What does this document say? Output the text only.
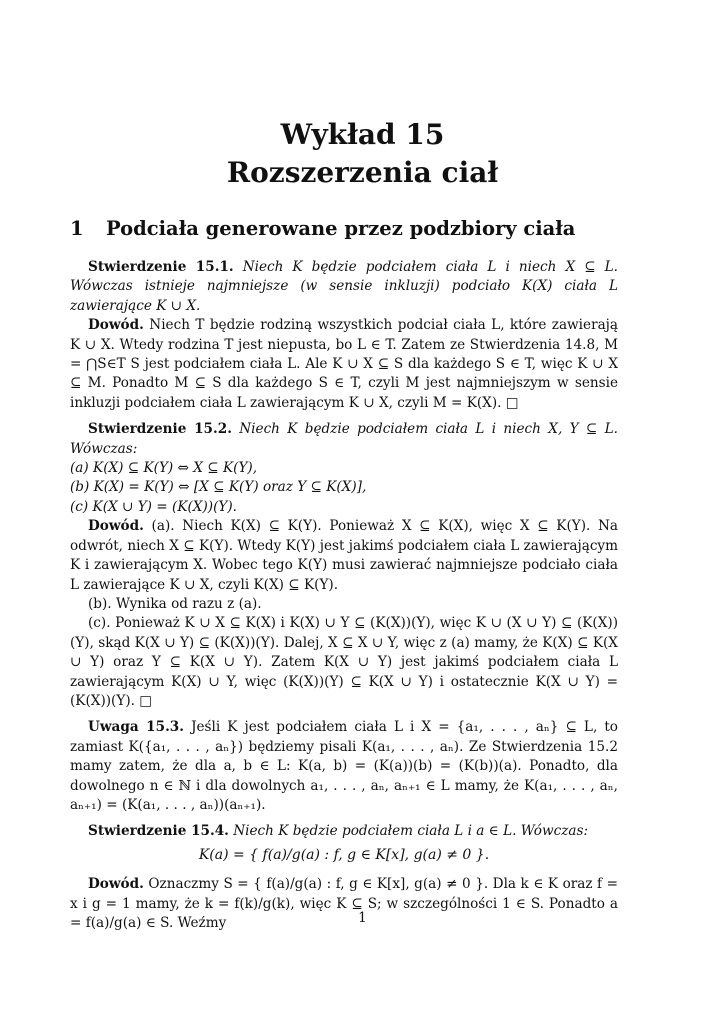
Wykład 15
Rozszerzenia ciał
1 Podciała generowane przez podzbiory ciała

Stwierdzenie 15.1. Niech K będzie podciałem ciała L i niech X ⊆ L. Wówczas istnieje najmniejsze (w sensie inkluzji) podciało K(X) ciała L zawierające K ∪ X.

Dowód. Niech T będzie rodziną wszystkich podciał ciała L, które zawierają K ∪ X. Wtedy rodzina T jest niepusta, bo L ∈ T. Zatem ze Stwierdzenia 14.8, M = ⋂S∈T S jest podciałem ciała L. Ale K ∪ X ⊆ S dla każdego S ∈ T, więc K ∪ X ⊆ M. Ponadto M ⊆ S dla każdego S ∈ T, czyli M jest najmniejszym w sensie inkluzji podciałem ciała L zawierającym K ∪ X, czyli M = K(X). □

Stwierdzenie 15.2. Niech K będzie podciałem ciała L i niech X, Y ⊆ L. Wówczas:

(a) K(X) ⊆ K(Y) ⇔ X ⊆ K(Y),

(b) K(X) = K(Y) ⇔ [X ⊆ K(Y) oraz Y ⊆ K(X)],

(c) K(X ∪ Y) = (K(X))(Y).

Dowód. (a). Niech K(X) ⊆ K(Y). Ponieważ X ⊆ K(X), więc X ⊆ K(Y). Na odwrót, niech X ⊆ K(Y). Wtedy K(Y) jest jakimś podciałem ciała L zawierającym K i zawierającym X. Wobec tego K(Y) musi zawierać najmniejsze podciało ciała L zawierające K ∪ X, czyli K(X) ⊆ K(Y).

(b). Wynika od razu z (a).

(c). Ponieważ K ∪ X ⊆ K(X) i K(X) ∪ Y ⊆ (K(X))(Y), więc K ∪ (X ∪ Y) ⊆ (K(X))(Y), skąd K(X ∪ Y) ⊆ (K(X))(Y). Dalej, X ⊆ X ∪ Y, więc z (a) mamy, że K(X) ⊆ K(X ∪ Y) oraz Y ⊆ K(X ∪ Y). Zatem K(X ∪ Y) jest jakimś podciałem ciała L zawierającym K(X) ∪ Y, więc (K(X))(Y) ⊆ K(X ∪ Y) i ostatecznie K(X ∪ Y) = (K(X))(Y). □

Uwaga 15.3. Jeśli K jest podciałem ciała L i X = {a₁, . . . , aₙ} ⊆ L, to zamiast K({a₁, . . . , aₙ}) będziemy pisali K(a₁, . . . , aₙ). Ze Stwierdzenia 15.2 mamy zatem, że dla a, b ∈ L: K(a, b) = (K(a))(b) = (K(b))(a). Ponadto, dla dowolnego n ∈ ℕ i dla dowolnych a₁, . . . , aₙ, aₙ₊₁ ∈ L mamy, że K(a₁, . . . , aₙ, aₙ₊₁) = (K(a₁, . . . , aₙ))(aₙ₊₁).

Stwierdzenie 15.4. Niech K będzie podciałem ciała L i a ∈ L. Wówczas:

K(a) = { f(a)/g(a) : f, g ∈ K[x], g(a) ≠ 0 }.

Dowód. Oznaczmy S = { f(a)/g(a) : f, g ∈ K[x], g(a) ≠ 0 }. Dla k ∈ K oraz f = x i g = 1 mamy, że k = f(k)/g(k), więc K ⊆ S; w szczególności 1 ∈ S. Ponadto a = f(a)/g(a) ∈ S. Weźmy	1
